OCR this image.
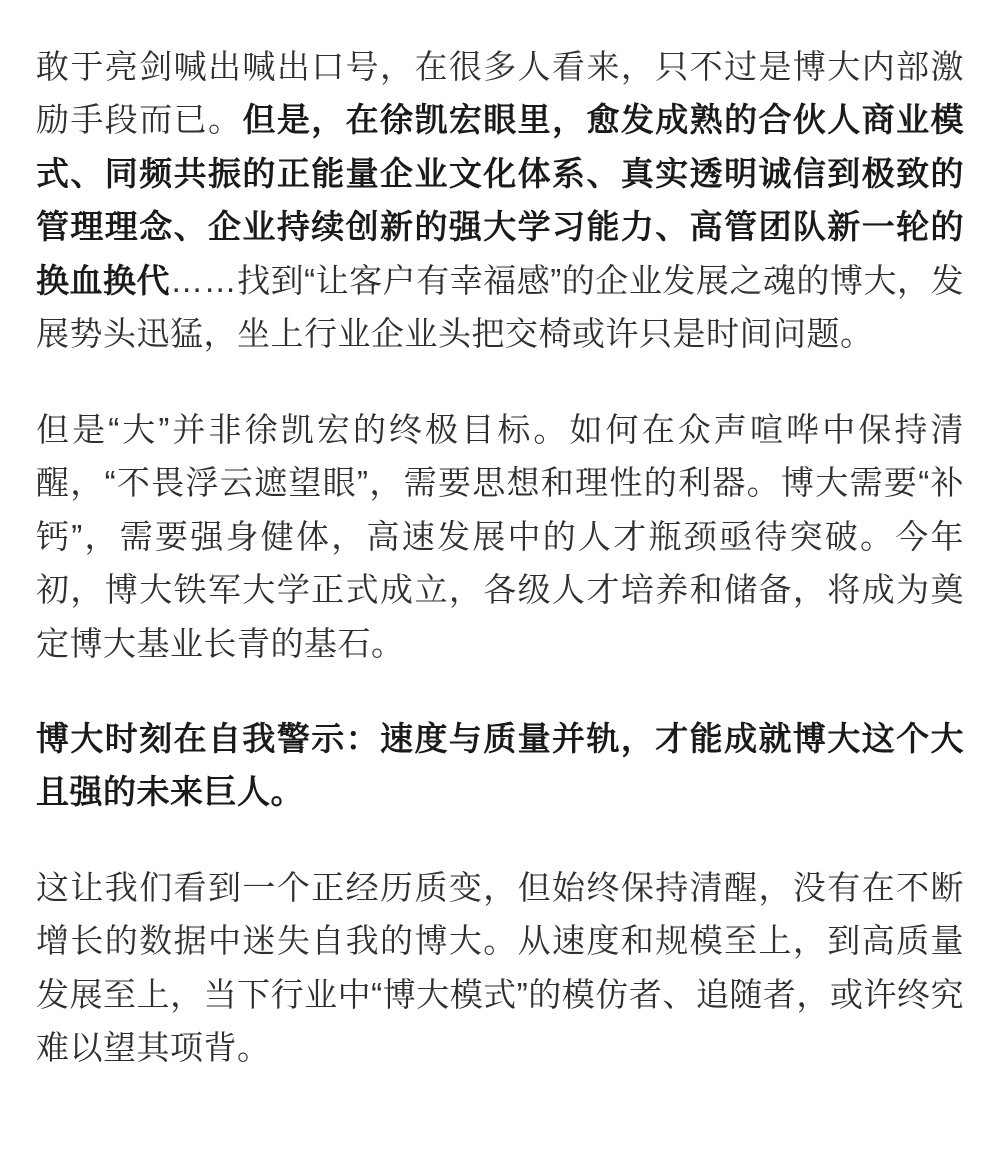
敢于亮剑喊出喊出口号，在很多人看来，只不过是博大内部激励手段而已。但是，在徐凯宏眼里，愈发成熟的合伙人商业模式、同频共振的正能量企业文化体系、真实透明诚信到极致的管理理念、企业持续创新的强大学习能力、高管团队新一轮的换血换代……找到“让客户有幸福感”的企业发展之魂的博大，发展势头迅猛，坐上行业企业头把交椅或许只是时间问题。

但是“大”并非徐凯宏的终极目标。如何在众声喧哗中保持清醒，“不畏浮云遮望眼”，需要思想和理性的利器。博大需要“补钙”，需要强身健体，高速发展中的人才瓶颈亟待突破。今年初，博大铁军大学正式成立，各级人才培养和储备，将成为奠定博大基业长青的基石。

博大时刻在自我警示：速度与质量并轨，才能成就博大这个大且强的未来巨人。

这让我们看到一个正经历质变，但始终保持清醒，没有在不断增长的数据中迷失自我的博大。从速度和规模至上，到高质量发展至上，当下行业中“博大模式”的模仿者、追随者，或许终究难以望其项背。
